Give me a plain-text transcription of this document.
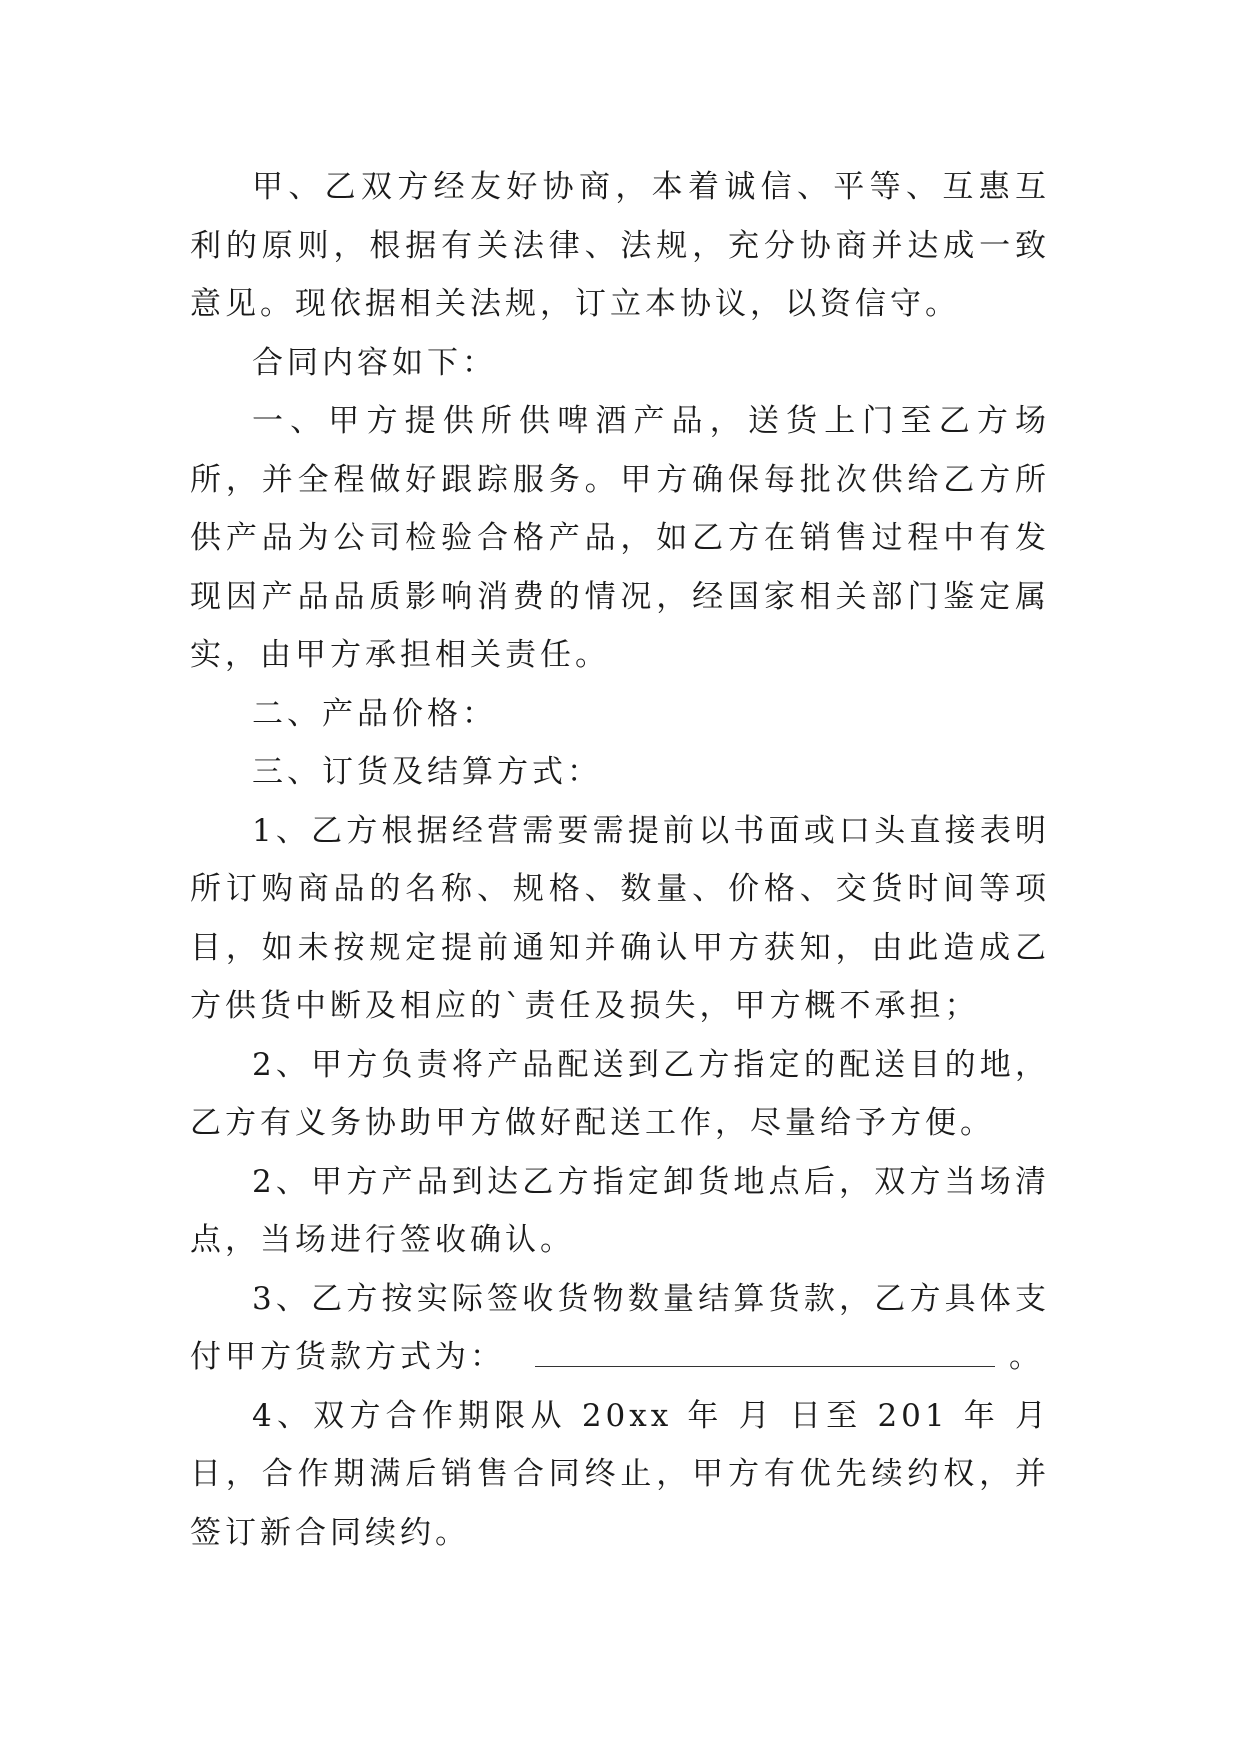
甲、乙双方经友好协商，本着诚信、平等、互惠互利的原则，根据有关法律、法规，充分协商并达成一致意见。现依据相关法规，订立本协议，以资信守。

合同内容如下：

一、甲方提供所供啤酒产品，送货上门至乙方场所，并全程做好跟踪服务。甲方确保每批次供给乙方所供产品为公司检验合格产品，如乙方在销售过程中有发现因产品品质影响消费的情况，经国家相关部门鉴定属实，由甲方承担相关责任。

二、产品价格：

三、订货及结算方式：

1、乙方根据经营需要需提前以书面或口头直接表明所订购商品的名称、规格、数量、价格、交货时间等项目，如未按规定提前通知并确认甲方获知，由此造成乙方供货中断及相应的`责任及损失，甲方概不承担；

2、甲方负责将产品配送到乙方指定的配送目的地，乙方有义务协助甲方做好配送工作，尽量给予方便。

2、甲方产品到达乙方指定卸货地点后，双方当场清点，当场进行签收确认。

3、乙方按实际签收货物数量结算货款，乙方具体支付甲方货款方式为：	。

4、双方合作期限从 20xx 年 月 日至 201 年 月 日，合作期满后销售合同终止，甲方有优先续约权，并签订新合同续约。
